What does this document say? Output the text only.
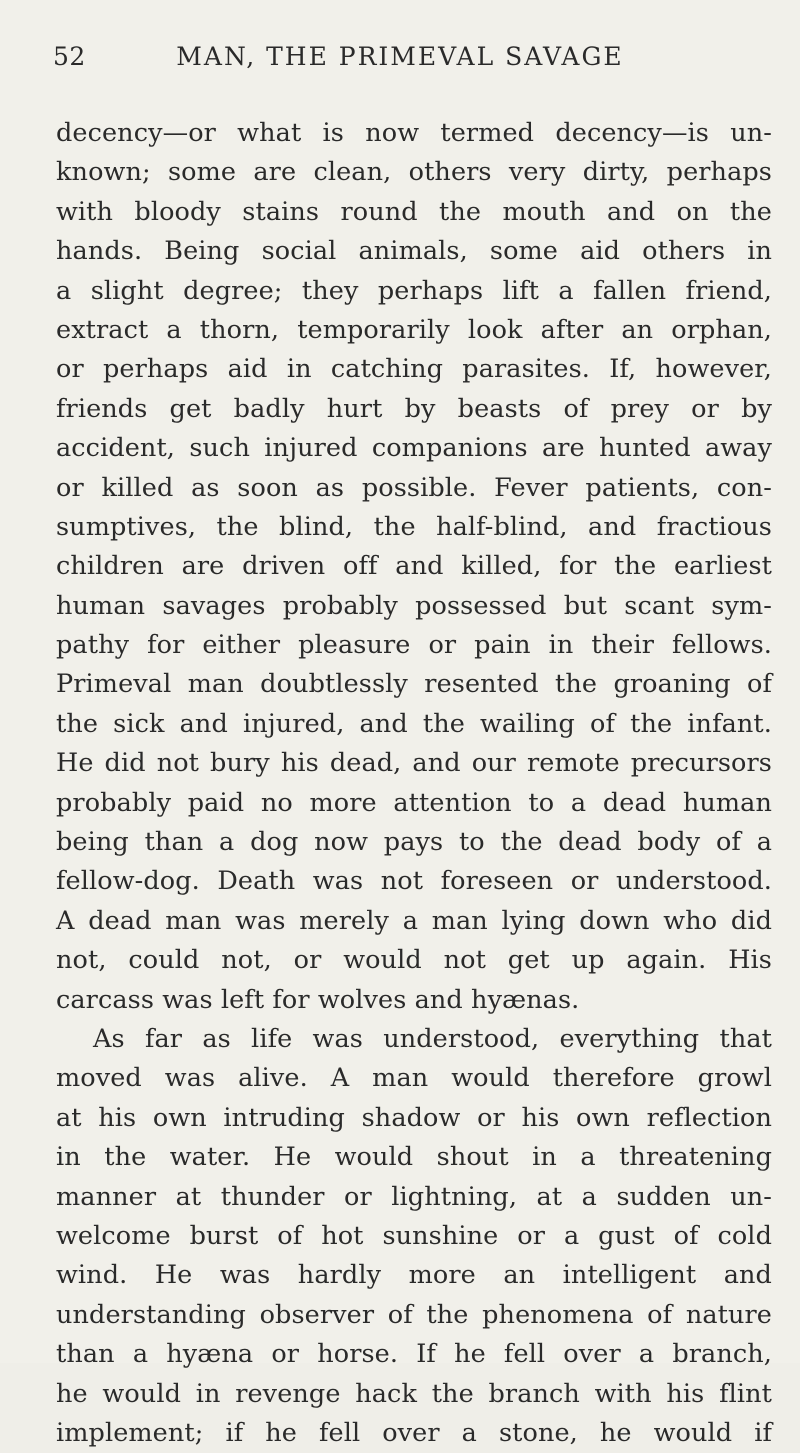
52	MAN, THE PRIMEVAL SAVAGE
decency—or what is now termed decency—is un-
known; some are clean, others very dirty, perhaps
with bloody stains round the mouth and on the
hands. Being social animals, some aid others in
a slight degree; they perhaps lift a fallen friend,
extract a thorn, temporarily look after an orphan,
or perhaps aid in catching parasites. If, however,
friends get badly hurt by beasts of prey or by
accident, such injured companions are hunted away
or killed as soon as possible. Fever patients, con-
sumptives, the blind, the half-blind, and fractious
children are driven off and killed, for the earliest
human savages probably possessed but scant sym-
pathy for either pleasure or pain in their fellows.
Primeval man doubtlessly resented the groaning of
the sick and injured, and the wailing of the infant.
He did not bury his dead, and our remote precursors
probably paid no more attention to a dead human
being than a dog now pays to the dead body of a
fellow-dog. Death was not foreseen or understood.
A dead man was merely a man lying down who did
not, could not, or would not get up again. His
carcass was left for wolves and hyænas.
As far as life was understood, everything that
moved was alive. A man would therefore growl
at his own intruding shadow or his own reflection
in the water. He would shout in a threatening
manner at thunder or lightning, at a sudden un-
welcome burst of hot sunshine or a gust of cold
wind. He was hardly more an intelligent and
understanding observer of the phenomena of nature
than a hyæna or horse. If he fell over a branch,
he would in revenge hack the branch with his flint
implement; if he fell over a stone, he would if
